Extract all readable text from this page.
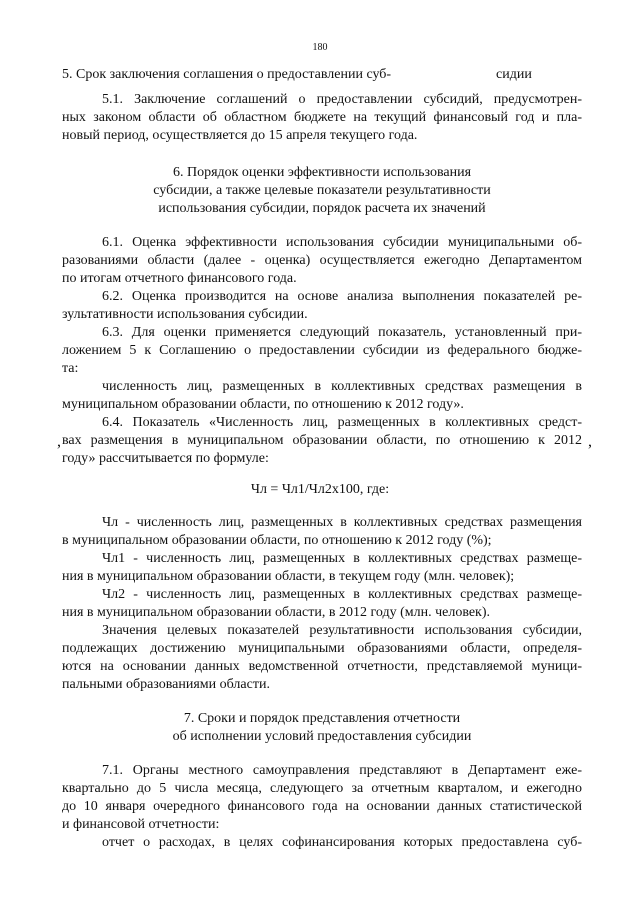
180
5. Срок заключения соглашения о предоставлении суб-	сидии
5.1. Заключение соглашений о предоставлении субсидий, предусмотрен-
ных законом области об областном бюджете на текущий финансовый год и пла-
новый период, осуществляется до 15 апреля текущего года.
6. Порядок оценки эффективности использования
субсидии, а также целевые показатели результативности
использования субсидии, порядок расчета их значений
6.1. Оценка эффективности использования субсидии муниципальными об-
разованиями области (далее - оценка) осуществляется ежегодно Департаментом
по итогам отчетного финансового года.
6.2. Оценка производится на основе анализа выполнения показателей ре-
зультативности использования субсидии.
6.3. Для оценки применяется следующий показатель, установленный при-
ложением 5 к Соглашению о предоставлении субсидии из федерального бюдже-
та:
численность лиц, размещенных в коллективных средствах размещения в
муниципальном образовании области, по отношению к 2012 году».
6.4. Показатель «Численность лиц, размещенных в коллективных средст-
вах размещения в муниципальном образовании области, по отношению к 2012
году» рассчитывается по формуле:
,	,
Чл = Чл1/Чл2х100, где:
Чл - численность лиц, размещенных в коллективных средствах размещения
в муниципальном образовании области, по отношению к 2012 году (%);
Чл1 - численность лиц, размещенных в коллективных средствах размеще-
ния в муниципальном образовании области, в текущем году (млн. человек);
Чл2 - численность лиц, размещенных в коллективных средствах размеще-
ния в муниципальном образовании области, в 2012 году (млн. человек).
Значения целевых показателей результативности использования субсидии,
подлежащих достижению муниципальными образованиями области, определя-
ются на основании данных ведомственной отчетности, представляемой муници-
пальными образованиями области.
7. Сроки и порядок представления отчетности
об исполнении условий предоставления субсидии
7.1. Органы местного самоуправления представляют в Департамент еже-
квартально до 5 числа месяца, следующего за отчетным кварталом, и ежегодно
до 10 января очередного финансового года на основании данных статистической
и финансовой отчетности:
отчет о расходах, в целях софинансирования которых предоставлена суб-
